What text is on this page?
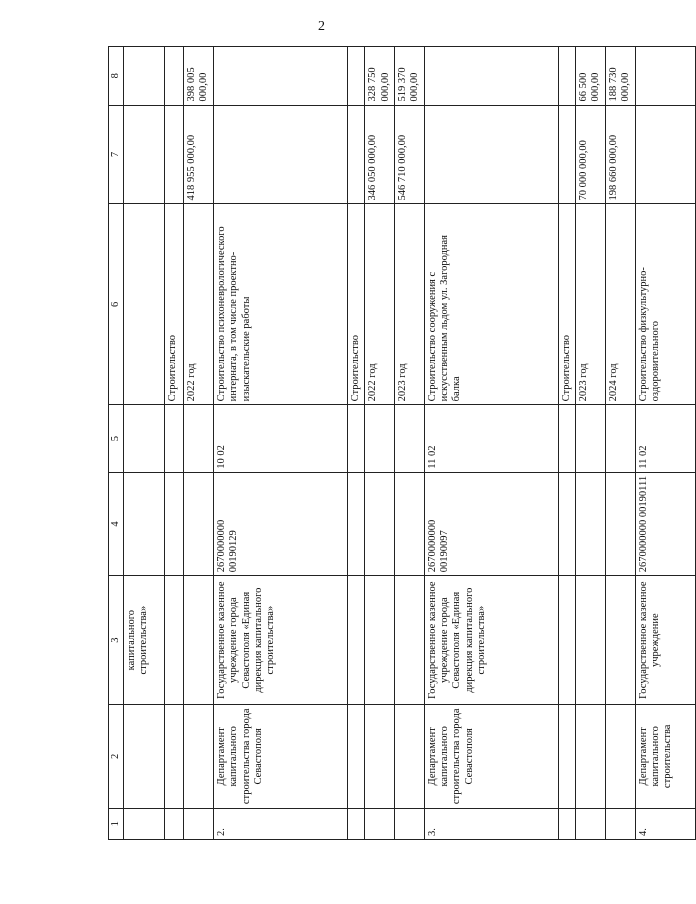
2
1	2	3	4	5	6	7	8
		капитального строительства»					
					Строительство		
					2022 год	418 955 000,00	398 005 000,00
2.	Департамент капитального строительства города Севастополя	Государственное казенное учреждение города Севастополя «Единая дирекция капитального строительства»	2670000000 00190129	10 02	Строительство психоневрологического интерната, в том числе проектно-изыскательские работы		
					Строительство		
					2022 год	346 050 000,00	328 750 000,00
					2023 год	546 710 000,00	519 370 000,00
3.	Департамент капитального строительства города Севастополя	Государственное казенное учреждение города Севастополя «Единая дирекция капитального строительства»	2670000000 00190097	11 02	Строительство сооружения с искусственным льдом ул. Загородная балка		
					Строительство		
					2023 год	70 000 000,00	66 500 000,00
					2024 год	198 660 000,00	188 730 000,00
4.	Департамент капитального строительства	Государственное казенное учреждение	2670000000 00190111	11 02	Строительство физкультурно-оздоровительного		
